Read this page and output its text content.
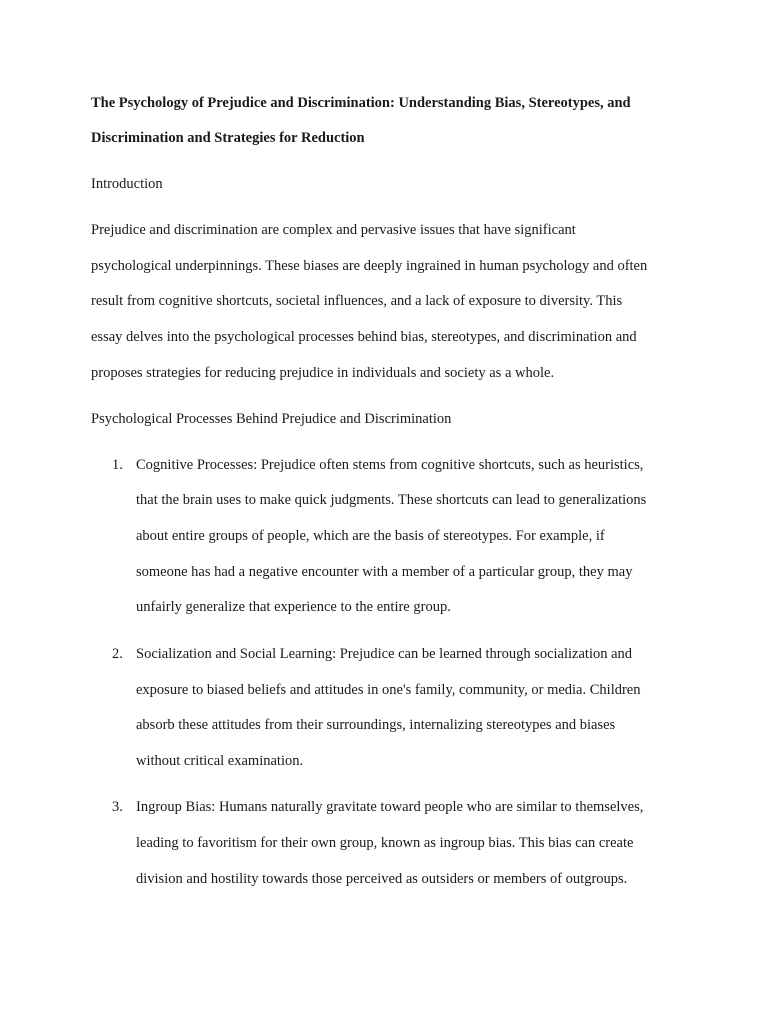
The Psychology of Prejudice and Discrimination: Understanding Bias, Stereotypes, and
Discrimination and Strategies for Reduction
Introduction
Prejudice and discrimination are complex and pervasive issues that have significant
psychological underpinnings. These biases are deeply ingrained in human psychology and often
result from cognitive shortcuts, societal influences, and a lack of exposure to diversity. This
essay delves into the psychological processes behind bias, stereotypes, and discrimination and
proposes strategies for reducing prejudice in individuals and society as a whole.
Psychological Processes Behind Prejudice and Discrimination
1. Cognitive Processes: Prejudice often stems from cognitive shortcuts, such as heuristics,
that the brain uses to make quick judgments. These shortcuts can lead to generalizations
about entire groups of people, which are the basis of stereotypes. For example, if
someone has had a negative encounter with a member of a particular group, they may
unfairly generalize that experience to the entire group.
2. Socialization and Social Learning: Prejudice can be learned through socialization and
exposure to biased beliefs and attitudes in one's family, community, or media. Children
absorb these attitudes from their surroundings, internalizing stereotypes and biases
without critical examination.
3. Ingroup Bias: Humans naturally gravitate toward people who are similar to themselves,
leading to favoritism for their own group, known as ingroup bias. This bias can create
division and hostility towards those perceived as outsiders or members of outgroups.
